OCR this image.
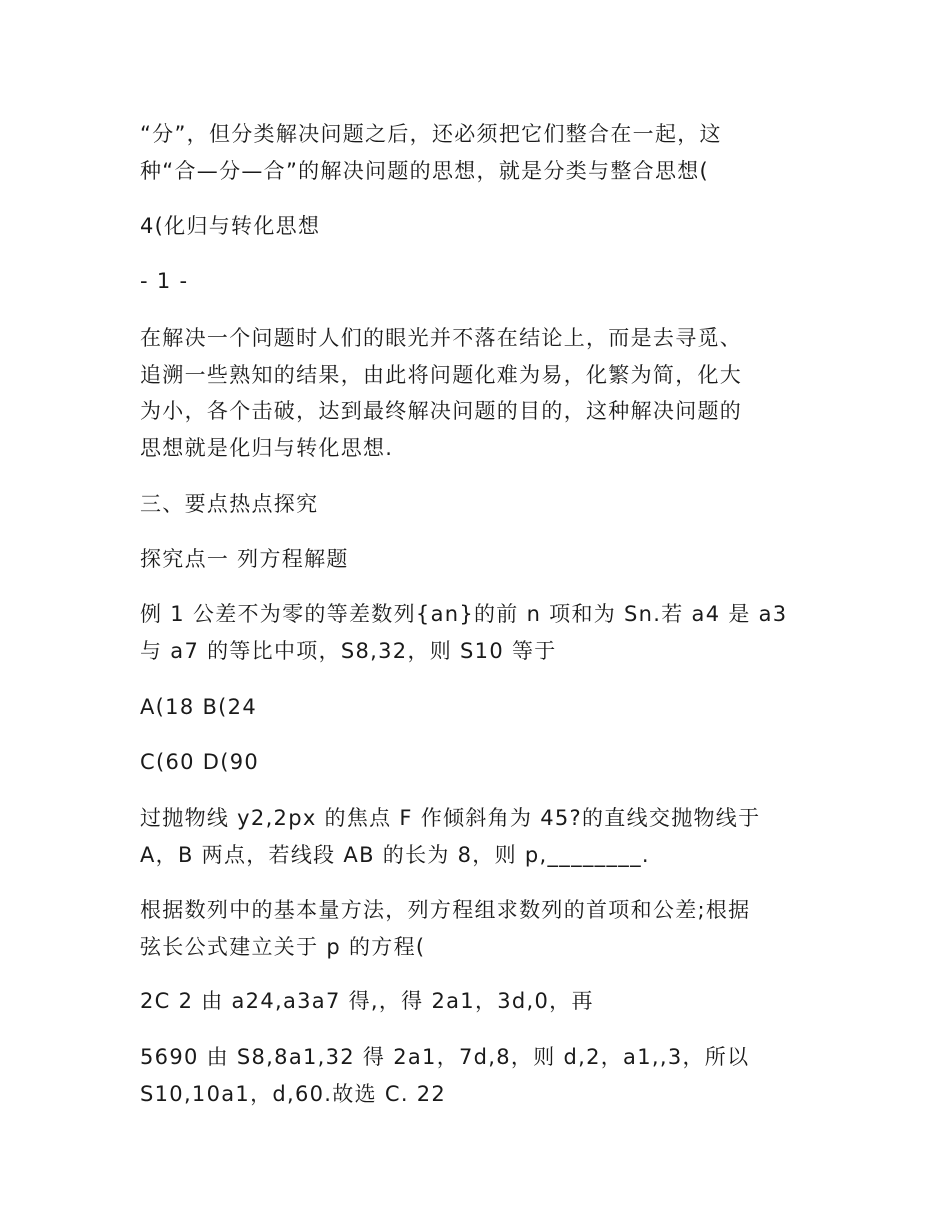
“分”，但分类解决问题之后，还必须把它们整合在一起，这
种“合—分—合”的解决问题的思想，就是分类与整合思想(
4(化归与转化思想
- 1 -
在解决一个问题时人们的眼光并不落在结论上，而是去寻觅、
追溯一些熟知的结果，由此将问题化难为易，化繁为简，化大
为小，各个击破，达到最终解决问题的目的，这种解决问题的
思想就是化归与转化思想.
三、要点热点探究
探究点一 列方程解题
例 1 公差不为零的等差数列{an}的前 n 项和为 Sn.若 a4 是 a3
与 a7 的等比中项，S8,32，则 S10 等于
A(18 B(24
C(60 D(90
过抛物线 y2,2px 的焦点 F 作倾斜角为 45?的直线交抛物线于
A，B 两点，若线段 AB 的长为 8，则 p,________.
根据数列中的基本量方法，列方程组求数列的首项和公差;根据
弦长公式建立关于 p 的方程(
2C 2 由 a24,a3a7 得,，得 2a1，3d,0，再
5690 由 S8,8a1,32 得 2a1，7d,8，则 d,2，a1,,3，所以
S10,10a1，d,60.故选 C. 22
